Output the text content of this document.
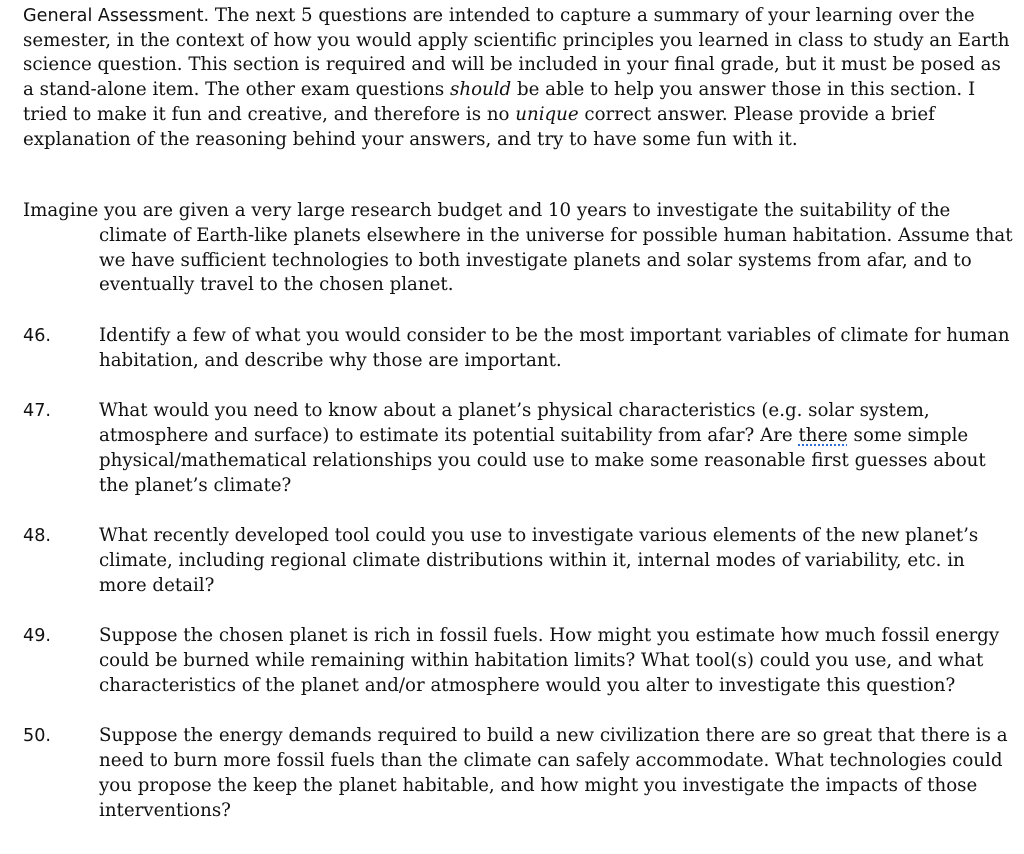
General Assessment. The next 5 questions are intended to capture a summary of your learning over the semester, in the context of how you would apply scientific principles you learned in class to study an Earth science question. This section is required and will be included in your final grade, but it must be posed as a stand-alone item. The other exam questions should be able to help you answer those in this section. I tried to make it fun and creative, and therefore is no unique correct answer. Please provide a brief explanation of the reasoning behind your answers, and try to have some fun with it.

Imagine you are given a very large research budget and 10 years to investigate the suitability of the climate of Earth-like planets elsewhere in the universe for possible human habitation. Assume that we have sufficient technologies to both investigate planets and solar systems from afar, and to eventually travel to the chosen planet.

46.	Identify a few of what you would consider to be the most important variables of climate for human habitation, and describe why those are important.
47.	What would you need to know about a planet’s physical characteristics (e.g. solar system, atmosphere and surface) to estimate its potential suitability from afar? Are there some simple physical/mathematical relationships you could use to make some reasonable first guesses about the planet’s climate?
48.	What recently developed tool could you use to investigate various elements of the new planet’s climate, including regional climate distributions within it, internal modes of variability, etc. in more detail?
49.	Suppose the chosen planet is rich in fossil fuels. How might you estimate how much fossil energy could be burned while remaining within habitation limits? What tool(s) could you use, and what characteristics of the planet and/or atmosphere would you alter to investigate this question?
50.	Suppose the energy demands required to build a new civilization there are so great that there is a need to burn more fossil fuels than the climate can safely accommodate. What technologies could you propose the keep the planet habitable, and how might you investigate the impacts of those interventions?
